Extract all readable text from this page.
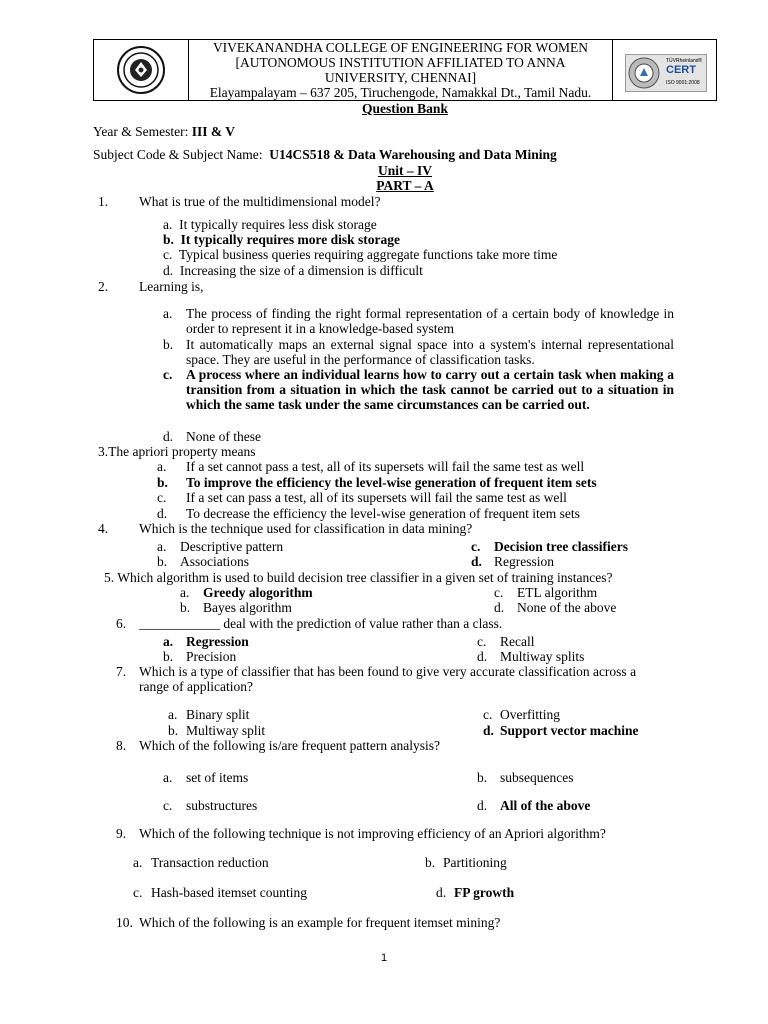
VIVEKANANDHA COLLEGE OF ENGINEERING FOR WOMEN
[AUTONOMOUS INSTITUTION AFFILIATED TO ANNA
UNIVERSITY, CHENNAI]
Elayampalayam – 637 205, Tiruchengode, Namakkal Dt., Tamil Nadu.
TÜVRheinland®
CERT
ISO 9001:2008
Question Bank
Year & Semester: III & V
Subject Code & Subject Name: U14CS518 & Data Warehousing and Data Mining
Unit – IV
PART – A
1. What is true of the multidimensional model?
a. It typically requires less disk storage
b. It typically requires more disk storage
c. Typical business queries requiring aggregate functions take more time
d. Increasing the size of a dimension is difficult
2. Learning is,
a. The process of finding the right formal representation of a certain body of knowledge in order to represent it in a knowledge-based system
b. It automatically maps an external signal space into a system's internal representational space. They are useful in the performance of classification tasks.
c. A process where an individual learns how to carry out a certain task when making a transition from a situation in which the task cannot be carried out to a situation in which the same task under the same circumstances can be carried out.
d. None of these
3.The apriori property means
a. If a set cannot pass a test, all of its supersets will fail the same test as well
b. To improve the efficiency the level-wise generation of frequent item sets
c. If a set can pass a test, all of its supersets will fail the same test as well
d. To decrease the efficiency the level-wise generation of frequent item sets
4. Which is the technique used for classification in data mining?
a. Descriptive pattern	c. Decision tree classifiers
b. Associations	d. Regression
5. Which algorithm is used to build decision tree classifier in a given set of training instances?
a. Greedy alogorithm	c. ETL algorithm
b. Bayes algorithm	d. None of the above
6. ____________ deal with the prediction of value rather than a class.
a. Regression	c. Recall
b. Precision	d. Multiway splits
7. Which is a type of classifier that has been found to give very accurate classification across a
range of application?
a. Binary split	c. Overfitting
b. Multiway split	d. Support vector machine
8. Which of the following is/are frequent pattern analysis?
a. set of items	b. subsequences
c. substructures	d. All of the above
9. Which of the following technique is not improving efficiency of an Apriori algorithm?
a. Transaction reduction	b. Partitioning
c. Hash-based itemset counting	d. FP growth
10. Which of the following is an example for frequent itemset mining?
1
